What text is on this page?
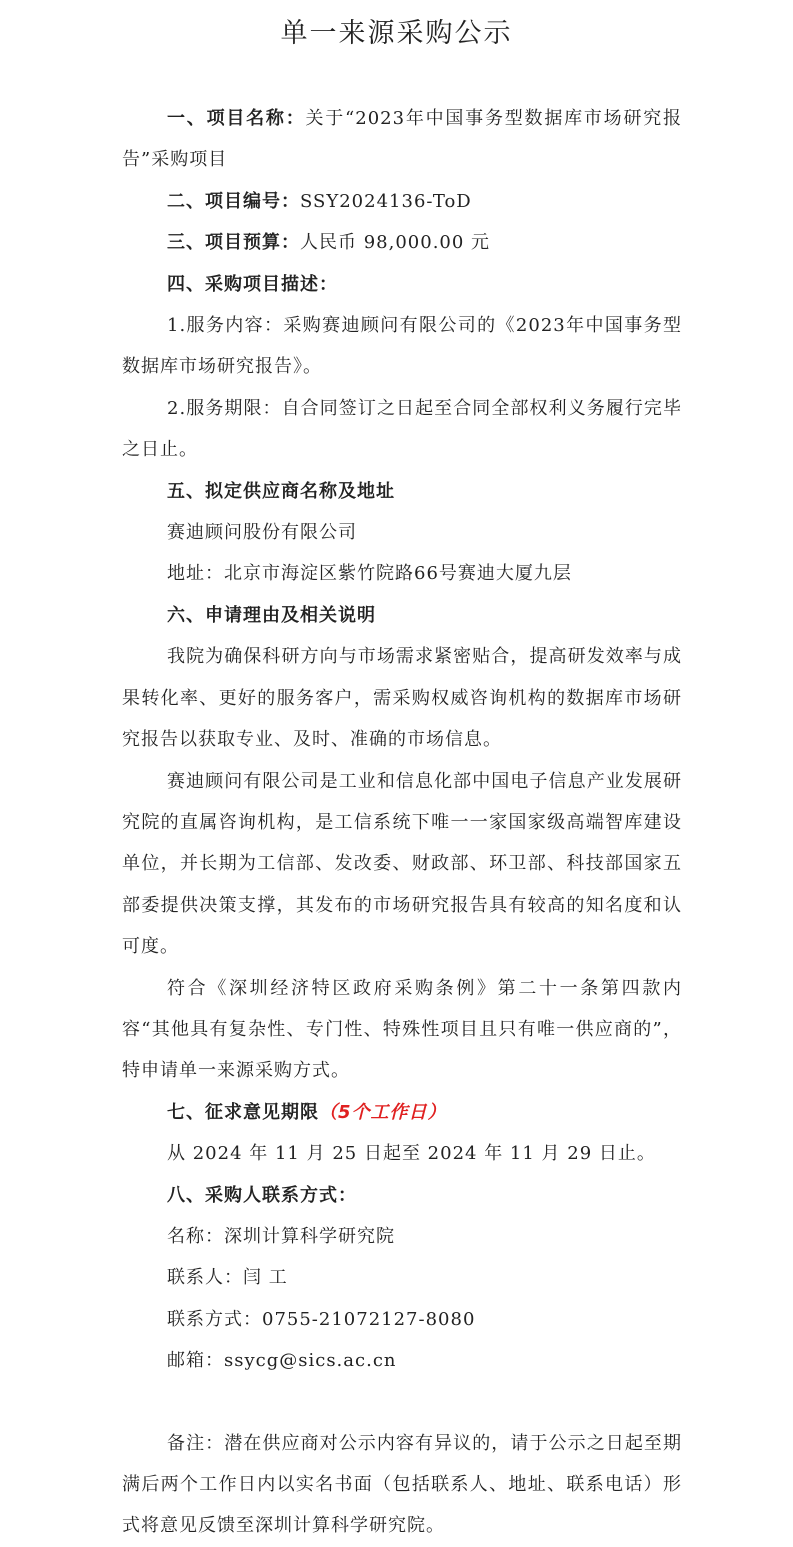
单一来源采购公示

一、项目名称：关于“2023年中国事务型数据库市场研究报告”采购项目

二、项目编号：SSY2024136-ToD

三、项目预算：人民币 98,000.00 元

四、采购项目描述：

1.服务内容：采购赛迪顾问有限公司的《2023年中国事务型数据库市场研究报告》。

2.服务期限：自合同签订之日起至合同全部权利义务履行完毕之日止。

五、拟定供应商名称及地址

赛迪顾问股份有限公司

地址：北京市海淀区紫竹院路66号赛迪大厦九层

六、申请理由及相关说明

我院为确保科研方向与市场需求紧密贴合，提高研发效率与成果转化率、更好的服务客户，需采购权威咨询机构的数据库市场研究报告以获取专业、及时、准确的市场信息。

赛迪顾问有限公司是工业和信息化部中国电子信息产业发展研究院的直属咨询机构，是工信系统下唯一一家国家级高端智库建设单位，并长期为工信部、发改委、财政部、环卫部、科技部国家五部委提供决策支撑，其发布的市场研究报告具有较高的知名度和认可度。

符合《深圳经济特区政府采购条例》第二十一条第四款内容“其他具有复杂性、专门性、特殊性项目且只有唯一供应商的”，特申请单一来源采购方式。

七、征求意见期限（5个工作日）

从 2024 年 11 月 25 日起至 2024 年 11 月 29 日止。

八、采购人联系方式：

名称：深圳计算科学研究院

联系人：闫 工

联系方式：0755-21072127-8080

邮箱：ssycg@sics.ac.cn

备注：潜在供应商对公示内容有异议的，请于公示之日起至期满后两个工作日内以实名书面（包括联系人、地址、联系电话）形式将意见反馈至深圳计算科学研究院。
